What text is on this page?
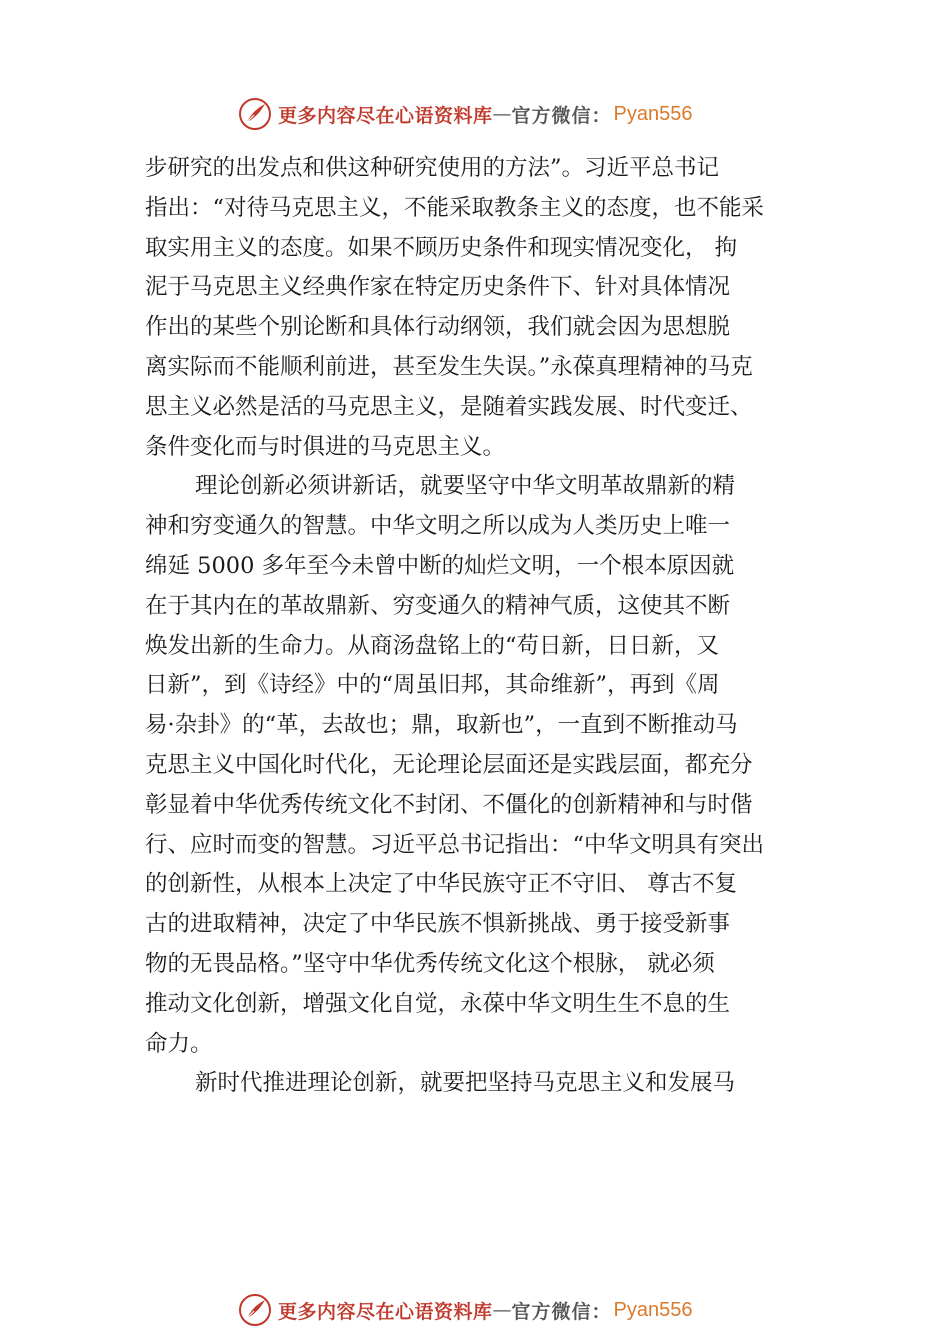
更多内容尽在心语资料库 — 官方微信： Pyan556
步研究的出发点和供这种研究使用的方法”。习近平总书记
指出：“对待马克思主义，不能采取教条主义的态度，也不能采
取实用主义的态度。如果不顾历史条件和现实情况变化， 拘
泥于马克思主义经典作家在特定历史条件下、针对具体情况
作出的某些个别论断和具体行动纲领，我们就会因为思想脱
离实际而不能顺利前进，甚至发生失误。”永葆真理精神的马克
思主义必然是活的马克思主义，是随着实践发展、时代变迁、
条件变化而与时俱进的马克思主义。
理论创新必须讲新话，就要坚守中华文明革故鼎新的精
神和穷变通久的智慧。中华文明之所以成为人类历史上唯一
绵延 5000 多年至今未曾中断的灿烂文明，一个根本原因就
在于其内在的革故鼎新、穷变通久的精神气质，这使其不断
焕发出新的生命力。从商汤盘铭上的“苟日新，日日新，又
日新”，到《诗经》中的“周虽旧邦，其命维新”，再到《周
易·杂卦》的“革，去故也；鼎，取新也”，一直到不断推动马
克思主义中国化时代化，无论理论层面还是实践层面，都充分
彰显着中华优秀传统文化不封闭、不僵化的创新精神和与时偕
行、应时而变的智慧。习近平总书记指出：“中华文明具有突出
的创新性，从根本上决定了中华民族守正不守旧、 尊古不复
古的进取精神，决定了中华民族不惧新挑战、勇于接受新事
物的无畏品格。”坚守中华优秀传统文化这个根脉， 就必须
推动文化创新，增强文化自觉，永葆中华文明生生不息的生
命力。
新时代推进理论创新，就要把坚持马克思主义和发展马
更多内容尽在心语资料库 — 官方微信： Pyan556
